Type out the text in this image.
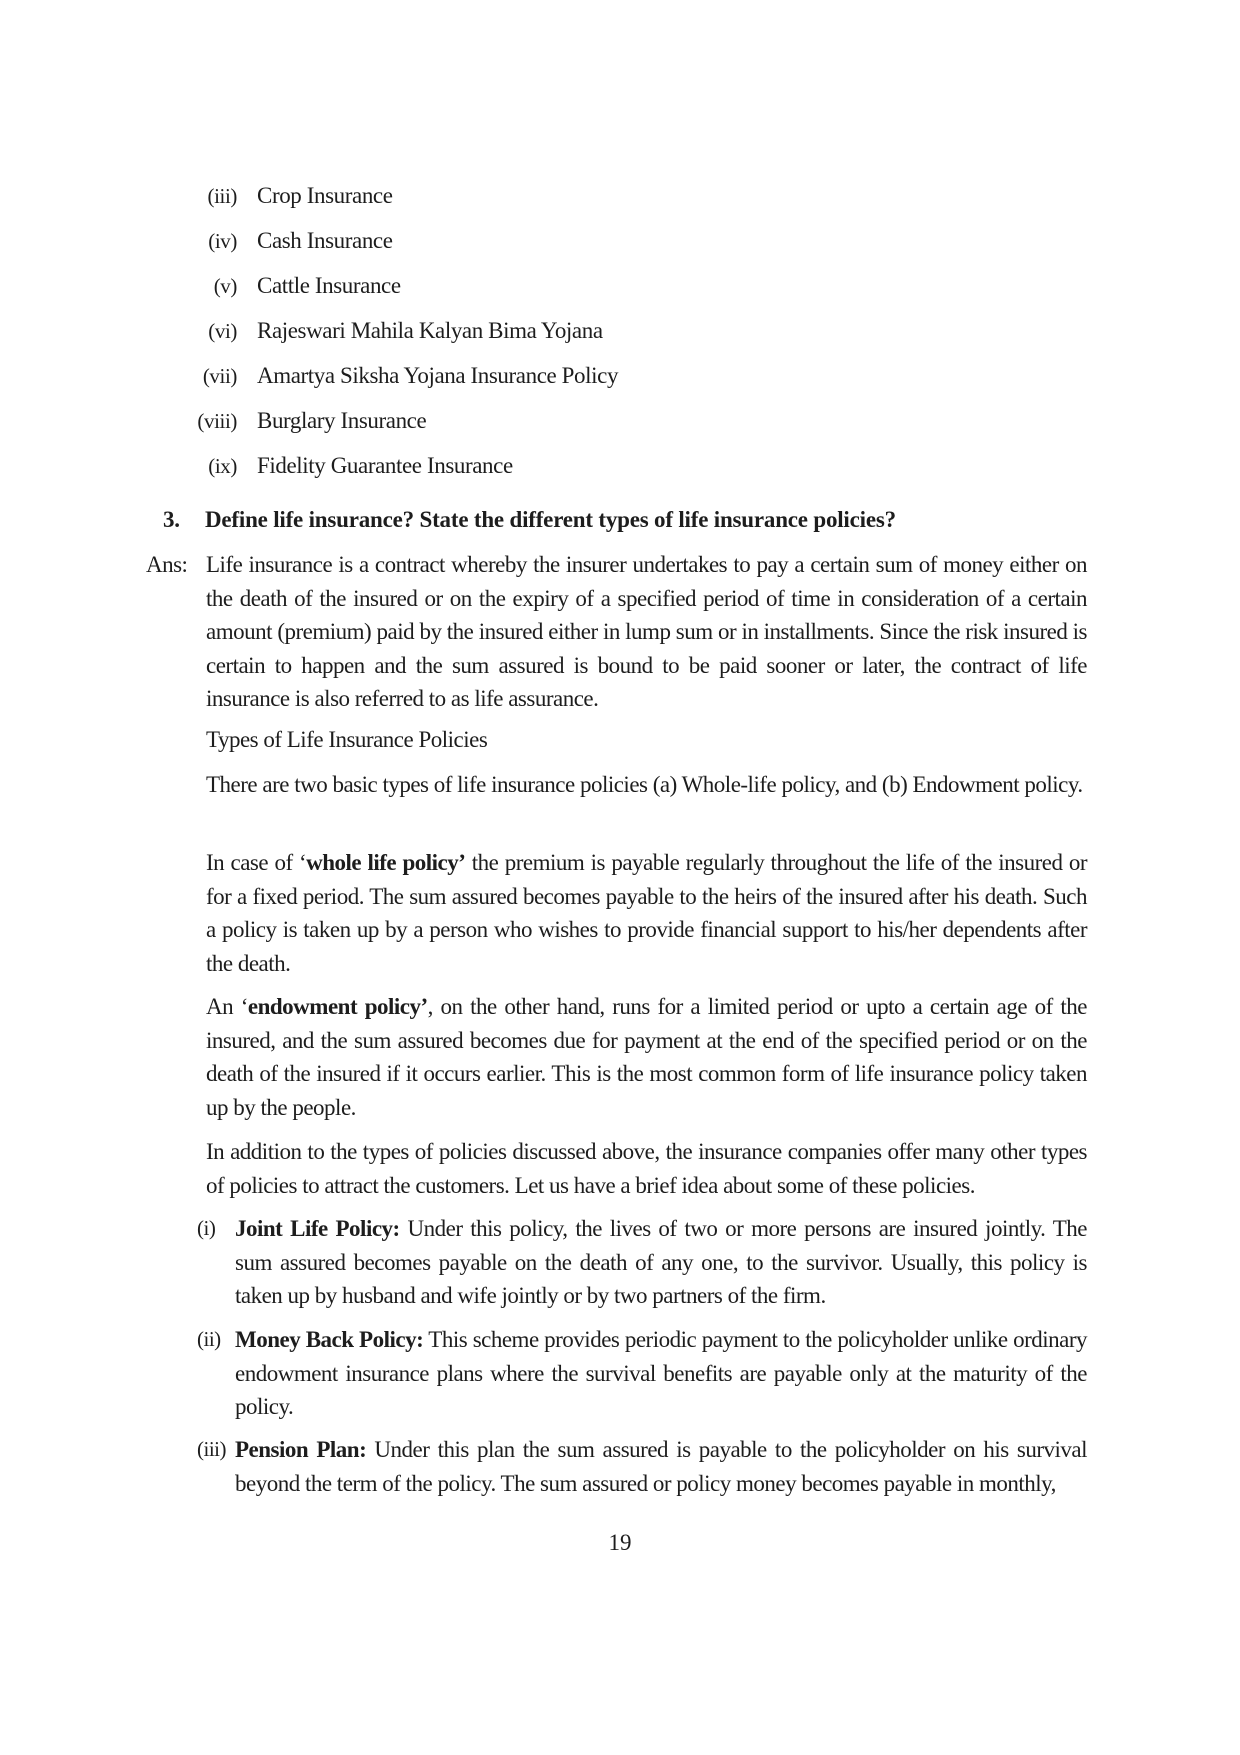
(iii) Crop Insurance
(iv) Cash Insurance
(v) Cattle Insurance
(vi) Rajeswari Mahila Kalyan Bima Yojana
(vii) Amartya Siksha Yojana Insurance Policy
(viii) Burglary Insurance
(ix) Fidelity Guarantee Insurance
3. Define life insurance? State the different types of life insurance policies?
Ans: Life insurance is a contract whereby the insurer undertakes to pay a certain sum of money either on the death of the insured or on the expiry of a specified period of time in consideration of a certain amount (premium) paid by the insured either in lump sum or in installments. Since the risk insured is certain to happen and the sum assured is bound to be paid sooner or later, the contract of life insurance is also referred to as life assurance.

Types of Life Insurance Policies

There are two basic types of life insurance policies (a) Whole-life policy, and (b) Endowment policy.

In case of ‘whole life policy’ the premium is payable regularly throughout the life of the insured or for a fixed period. The sum assured becomes payable to the heirs of the insured after his death. Such a policy is taken up by a person who wishes to provide financial support to his/her dependents after the death.

An ‘endowment policy’, on the other hand, runs for a limited period or upto a certain age of the insured, and the sum assured becomes due for payment at the end of the specified period or on the death of the insured if it occurs earlier. This is the most common form of life insurance policy taken up by the people.

In addition to the types of policies discussed above, the insurance companies offer many other types of policies to attract the customers. Let us have a brief idea about some of these policies.

(i) Joint Life Policy: Under this policy, the lives of two or more persons are insured jointly. The sum assured becomes payable on the death of any one, to the survivor. Usually, this policy is taken up by husband and wife jointly or by two partners of the firm.
(ii) Money Back Policy: This scheme provides periodic payment to the policyholder unlike ordinary endowment insurance plans where the survival benefits are payable only at the maturity of the policy.
(iii) Pension Plan: Under this plan the sum assured is payable to the policyholder on his survival beyond the term of the policy. The sum assured or policy money becomes payable in monthly,
19
